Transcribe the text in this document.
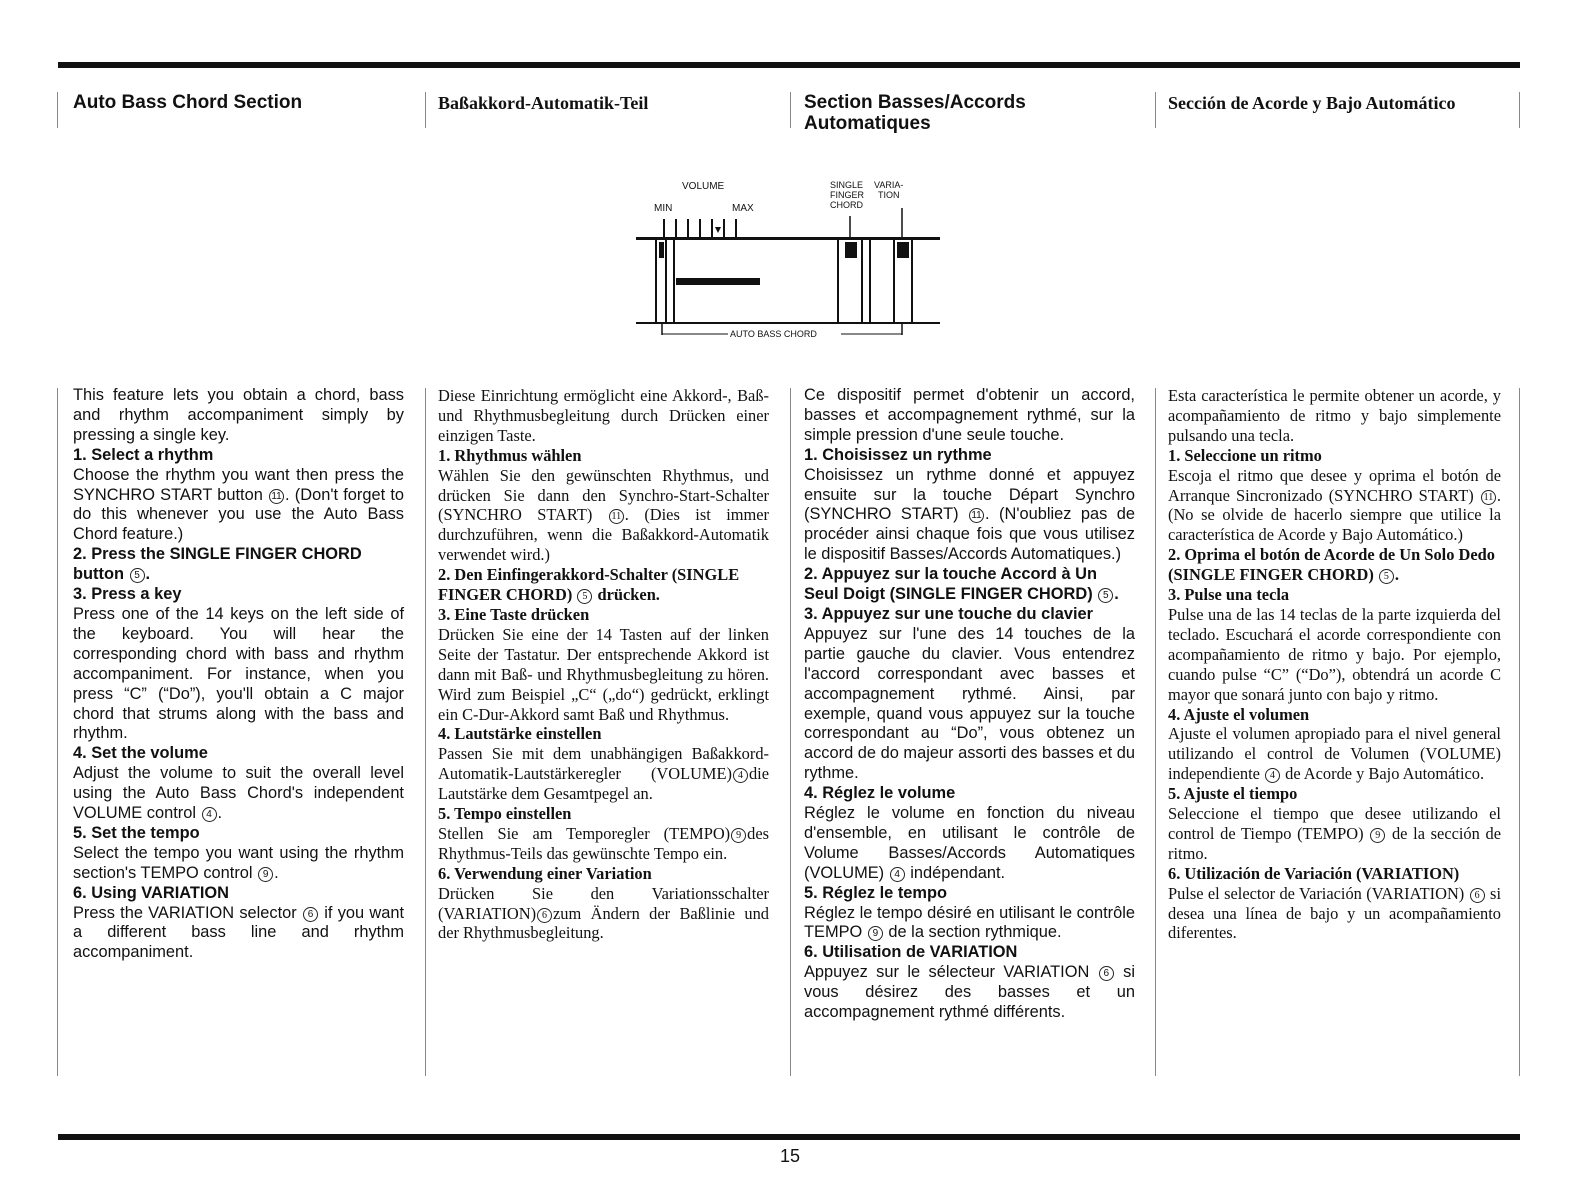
Auto Bass Chord Section	Baßakkord-Automatik-Teil	Section Basses/Accords Automatiques
Sección de Acorde y Bajo Automático
VOLUME
MIN	MAX
SINGLE
FINGER
CHORD
VARIA-
TION
AUTO BASS CHORD

This feature lets you obtain a chord, bass and rhythm accompaniment simply by pressing a single key.

1. Select a rhythm

Choose the rhythm you want then press the SYNCHRO START button 11 . (Don't forget to do this whenever you use the Auto Bass Chord feature.)

2. Press the SINGLE FINGER CHORD button 5 .

3. Press a key

Press one of the 14 keys on the left side of the keyboard. You will hear the corresponding chord with bass and rhythm accompaniment. For instance, when you press “C” (“Do”), you'll obtain a C major chord that strums along with the bass and rhythm.

4. Set the volume

Adjust the volume to suit the overall level using the Auto Bass Chord's independent VOLUME control 4 .

5. Set the tempo

Select the tempo you want using the rhythm section's TEMPO control 9 .

6. Using VARIATION

Press the VARIATION selector 6 if you want a different bass line and rhythm accompaniment.

Diese Einrichtung ermöglicht eine Akkord-, Baß- und Rhythmusbegleitung durch Drücken einer einzigen Taste.

1. Rhythmus wählen

Wählen Sie den gewünschten Rhythmus, und drücken Sie dann den Synchro-Start-Schalter (SYNCHRO START) 11 . (Dies ist immer durchzuführen, wenn die Baßakkord-Automatik verwendet wird.)

2. Den Einfingerakkord-Schalter (SINGLE FINGER CHORD) 5 drücken.

3. Eine Taste drücken

Drücken Sie eine der 14 Tasten auf der linken Seite der Tastatur. Der entsprechende Akkord ist dann mit Baß- und Rhythmusbegleitung zu hören. Wird zum Beispiel „C“ („do“) gedrückt, erklingt ein C-Dur-Akkord samt Baß und Rhythmus.

4. Lautstärke einstellen

Passen Sie mit dem unabhängigen Baßakkord-Automatik-Lautstärkeregler (VOLUME) 4 die Lautstärke dem Gesamtpegel an.

5. Tempo einstellen

Stellen Sie am Temporegler (TEMPO) 9 des Rhythmus-Teils das gewünschte Tempo ein.

6. Verwendung einer Variation

Drücken Sie den Variationsschalter (VARIATION) 6 zum Ändern der Baßlinie und der Rhythmusbegleitung.

Ce dispositif permet d'obtenir un accord, basses et accompagnement rythmé, sur la simple pression d'une seule touche.

1. Choisissez un rythme

Choisissez un rythme donné et appuyez ensuite sur la touche Départ Synchro (SYNCHRO START) 11 . (N'oubliez pas de procéder ainsi chaque fois que vous utilisez le dispositif Basses/Accords Automatiques.)

2. Appuyez sur la touche Accord à Un Seul Doigt (SINGLE FINGER CHORD) 5 .

3. Appuyez sur une touche du clavier

Appuyez sur l'une des 14 touches de la partie gauche du clavier. Vous entendrez l'accord correspondant avec basses et accompagnement rythmé. Ainsi, par exemple, quand vous appuyez sur la touche correspondant au “Do”, vous obtenez un accord de do majeur assorti des basses et du rythme.

4. Réglez le volume

Réglez le volume en fonction du niveau d'ensemble, en utilisant le contrôle de Volume Basses/Accords Automatiques (VOLUME) 4 indépendant.

5. Réglez le tempo

Réglez le tempo désiré en utilisant le contrôle TEMPO 9 de la section rythmique.

6. Utilisation de VARIATION

Appuyez sur le sélecteur VARIATION 6 si vous désirez des basses et un accompagnement rythmé différents.

Esta característica le permite obtener un acorde, y acompañamiento de ritmo y bajo simplemente pulsando una tecla.

1. Seleccione un ritmo

Escoja el ritmo que desee y oprima el botón de Arranque Sincronizado (SYNCHRO START) 11 . (No se olvide de hacerlo siempre que utilice la característica de Acorde y Bajo Automático.)

2. Oprima el botón de Acorde de Un Solo Dedo (SINGLE FINGER CHORD) 5 .

3. Pulse una tecla

Pulse una de las 14 teclas de la parte izquierda del teclado. Escuchará el acorde correspondiente con acompañamiento de ritmo y bajo. Por ejemplo, cuando pulse “C” (“Do”), obtendrá un acorde C mayor que sonará junto con bajo y ritmo.

4. Ajuste el volumen

Ajuste el volumen apropiado para el nivel general utilizando el control de Volumen (VOLUME) independiente 4 de Acorde y Bajo Automático.

5. Ajuste el tiempo

Seleccione el tiempo que desee utilizando el control de Tiempo (TEMPO) 9 de la sección de ritmo.

6. Utilización de Variación (VARIATION)

Pulse el selector de Variación (VARIATION) 6 si desea una línea de bajo y un acompañamiento diferentes.

15
